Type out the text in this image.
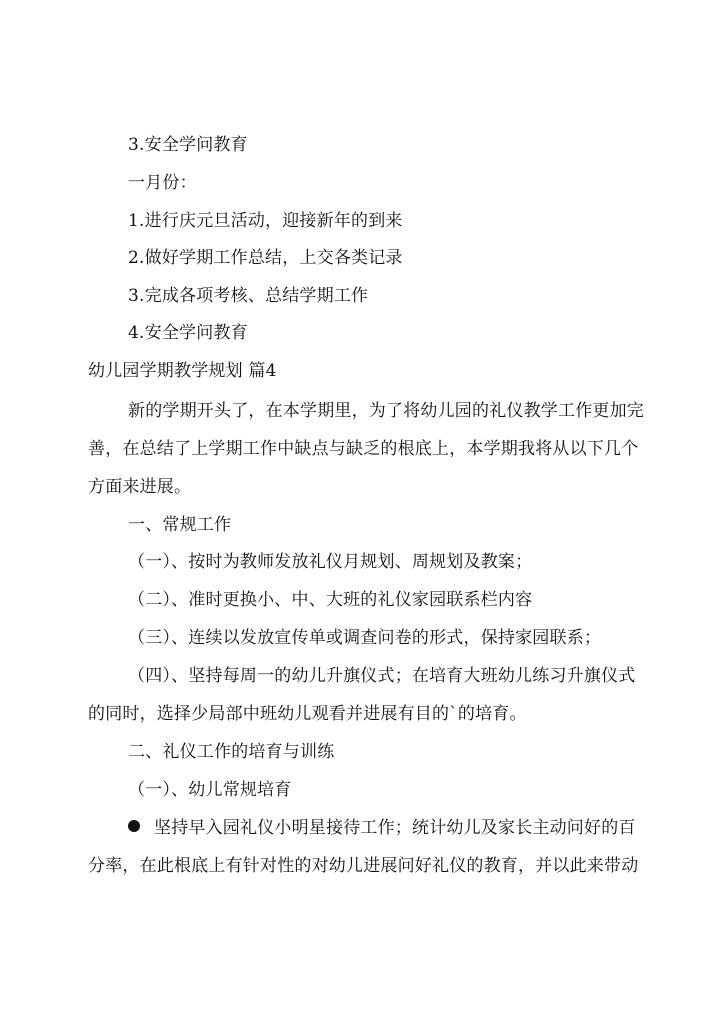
3.安全学问教育
一月份：
1.进行庆元旦活动，迎接新年的到来
2.做好学期工作总结，上交各类记录
3.完成各项考核、总结学期工作
4.安全学问教育
幼儿园学期教学规划 篇4
新的学期开头了，在本学期里，为了将幼儿园的礼仪教学工作更加完
善，在总结了上学期工作中缺点与缺乏的根底上，本学期我将从以下几个
方面来进展。
一、常规工作
（一）、按时为教师发放礼仪月规划、周规划及教案；
（二）、准时更换小、中、大班的礼仪家园联系栏内容
（三）、连续以发放宣传单或调查问卷的形式，保持家园联系；
（四）、坚持每周一的幼儿升旗仪式；在培育大班幼儿练习升旗仪式
的同时，选择少局部中班幼儿观看并进展有目的`的培育。
二、礼仪工作的培育与训练
（一）、幼儿常规培育
坚持早入园礼仪小明星接待工作；统计幼儿及家长主动问好的百
分率，在此根底上有针对性的对幼儿进展问好礼仪的教育，并以此来带动
